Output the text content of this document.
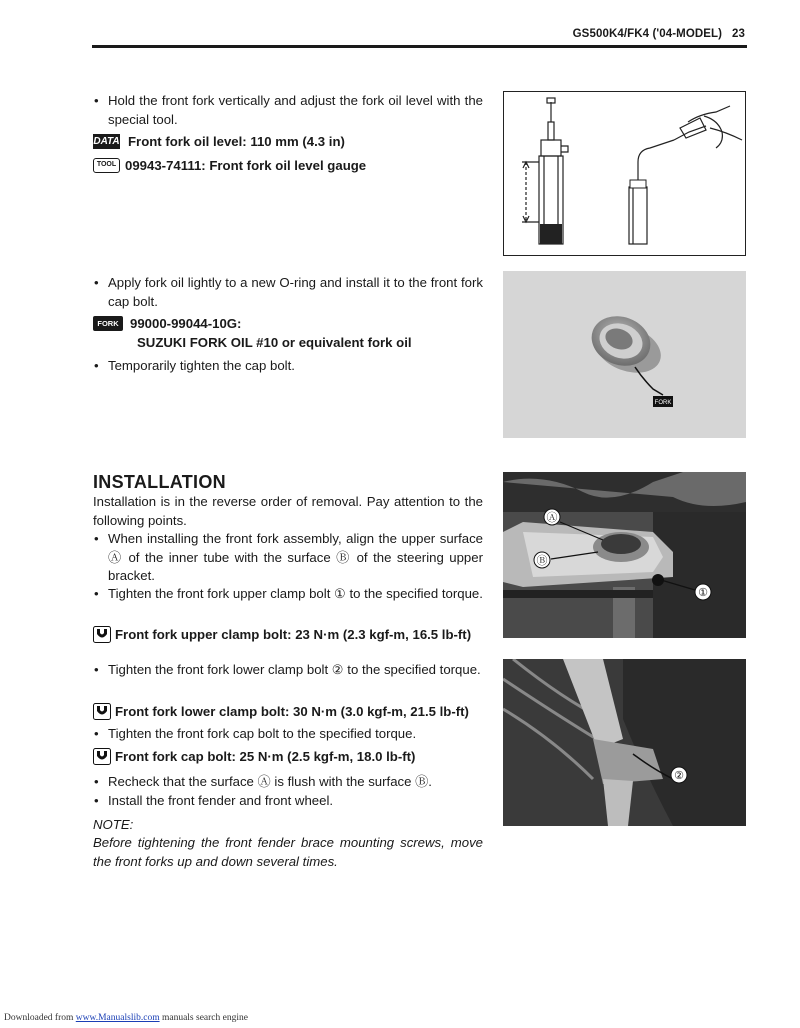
GS500K4/FK4 ('04-MODEL) 23
• Hold the front fork vertically and adjust the fork oil level with the special tool.
DATA Front fork oil level: 110 mm (4.3 in)
TOOL 09943-74111: Front fork oil level gauge
• Apply fork oil lightly to a new O-ring and install it to the front fork cap bolt.
FORK 99000-99044-10G:
SUZUKI FORK OIL #10 or equivalent fork oil
• Temporarily tighten the cap bolt.
FORK
INSTALLATION
Installation is in the reverse order of removal. Pay attention to the following points.
• When installing the front fork assembly, align the upper surface Ⓐ of the inner tube with the surface Ⓑ of the steering upper bracket.
• Tighten the front fork upper clamp bolt ① to the specified torque.
Front fork upper clamp bolt: 23 N·m (2.3 kgf-m, 16.5 lb-ft)
• Tighten the front fork lower clamp bolt ② to the specified torque.
Front fork lower clamp bolt: 30 N·m (3.0 kgf-m, 21.5 lb-ft)
• Tighten the front fork cap bolt to the specified torque.
Front fork cap bolt: 25 N·m (2.5 kgf-m, 18.0 lb-ft)
• Recheck that the surface Ⓐ is flush with the surface Ⓑ.
• Install the front fender and front wheel.
NOTE:
Before tightening the front fender brace mounting screws, move the front forks up and down several times.
Ⓐ
Ⓑ
①
②
Downloaded from www.Manualslib.com manuals search engine
